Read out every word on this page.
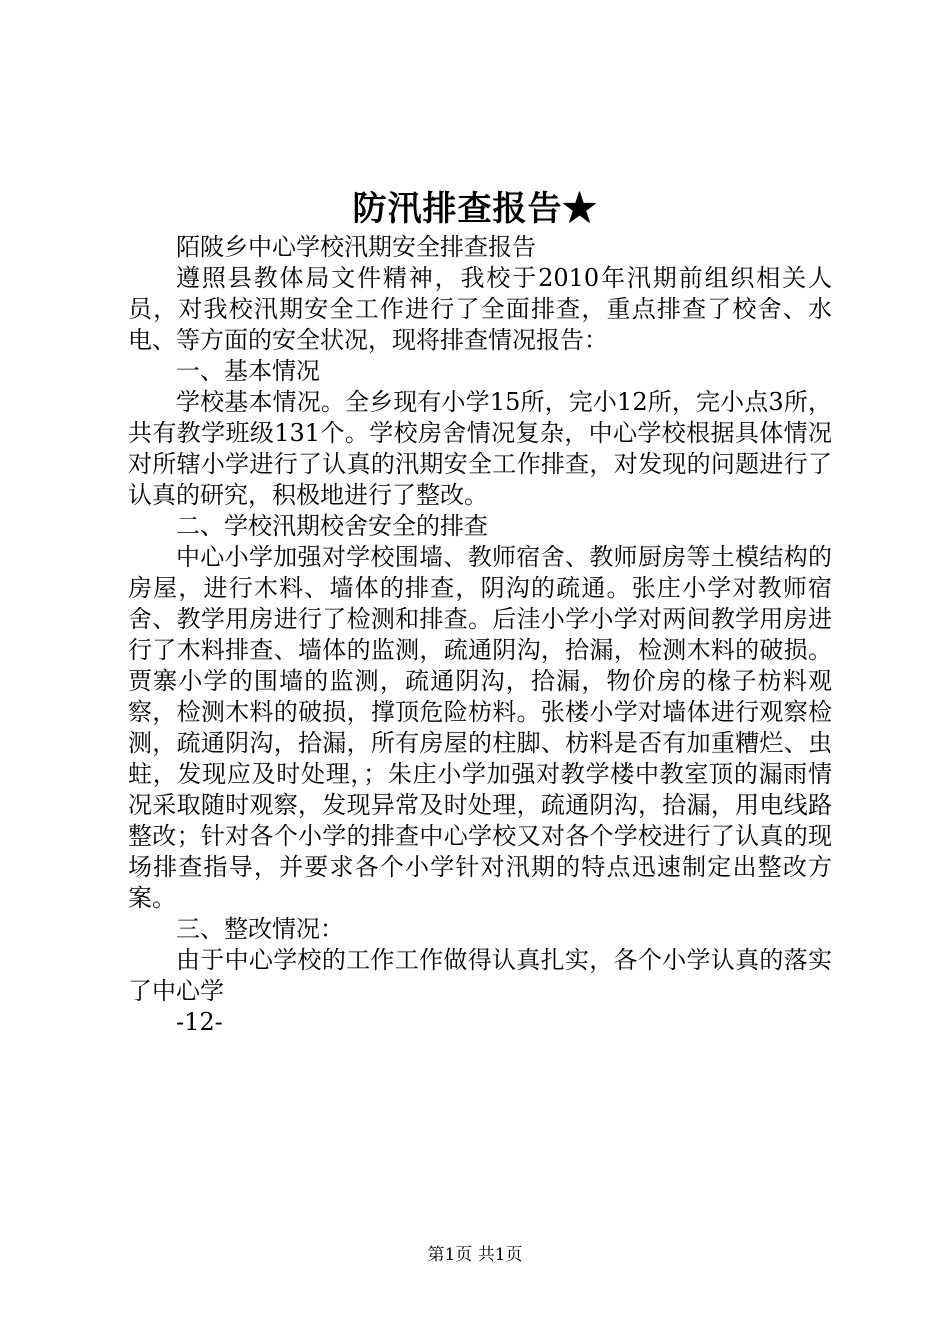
防汛排查报告★

陌陂乡中心学校汛期安全排查报告

遵照县教体局文件精神，我校于2010年汛期前组织相关人员，对我校汛期安全工作进行了全面排查，重点排查了校舍、水电、等方面的安全状况，现将排查情况报告：

一、基本情况

学校基本情况。全乡现有小学15所，完小12所，完小点3所，共有教学班级131个。学校房舍情况复杂，中心学校根据具体情况对所辖小学进行了认真的汛期安全工作排查，对发现的问题进行了认真的研究，积极地进行了整改。

二、学校汛期校舍安全的排查

中心小学加强对学校围墙、教师宿舍、教师厨房等土模结构的房屋，进行木料、墙体的排查，阴沟的疏通。张庄小学对教师宿舍、教学用房进行了检测和排查。后洼小学小学对两间教学用房进行了木料排查、墙体的监测，疏通阴沟，拾漏，检测木料的破损。贾寨小学的围墙的监测，疏通阴沟，拾漏，物价房的椽子枋料观察，检测木料的破损，撑顶危险枋料。张楼小学对墙体进行观察检测，疏通阴沟，拾漏，所有房屋的柱脚、枋料是否有加重糟烂、虫蛀，发现应及时处理，；朱庄小学加强对教学楼中教室顶的漏雨情况采取随时观察，发现异常及时处理，疏通阴沟，拾漏，用电线路整改；针对各个小学的排查中心学校又对各个学校进行了认真的现场排查指导，并要求各个小学针对汛期的特点迅速制定出整改方案。

三、整改情况：

由于中心学校的工作工作做得认真扎实，各个小学认真的落实了中心学

-12-

第1页 共1页
